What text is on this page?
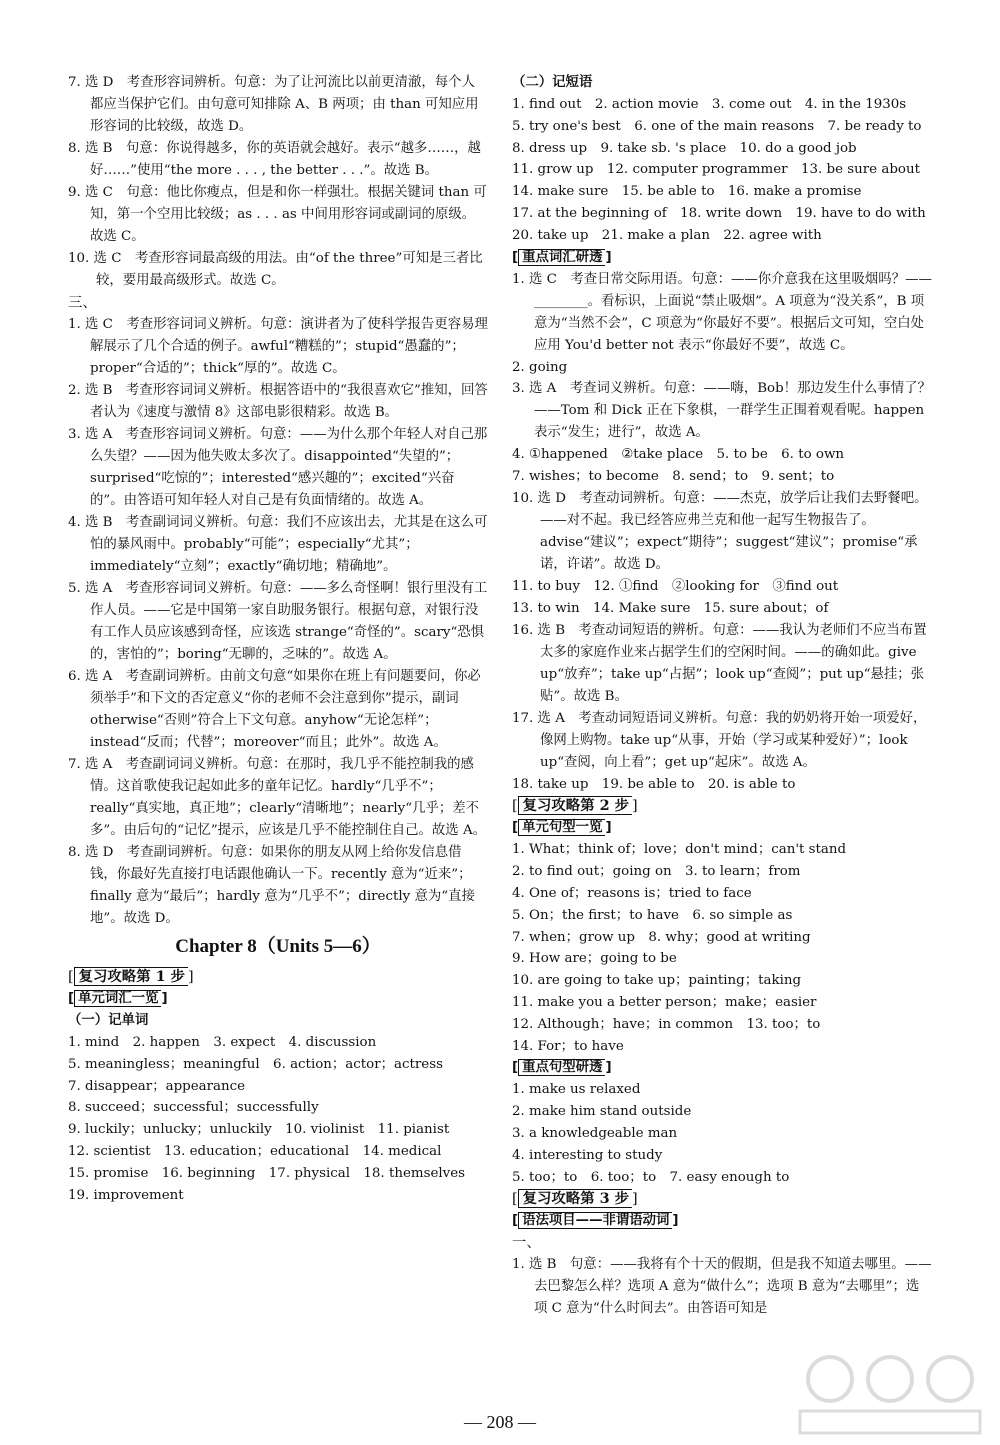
7. 选 D　考查形容词辨析。句意：为了让河流比以前更清澈，每个人都应当保护它们。由句意可知排除 A、B 两项；由 than 可知应用形容词的比较级，故选 D。
8. 选 B　句意：你说得越多，你的英语就会越好。表示“越多……，越好……”使用“the more . . . , the better . . .”。故选 B。
9. 选 C　句意：他比你瘦点，但是和你一样强壮。根据关键词 than 可知，第一个空用比较级；as . . . as 中间用形容词或副词的原级。故选 C。
10. 选 C　考查形容词最高级的用法。由“of the three”可知是三者比较，要用最高级形式。故选 C。
三、
1. 选 C　考查形容词词义辨析。句意：演讲者为了使科学报告更容易理解展示了几个合适的例子。awful“糟糕的”；stupid“愚蠢的”；proper“合适的”；thick“厚的”。故选 C。
2. 选 B　考查形容词词义辨析。根据答语中的“我很喜欢它”推知，回答者认为《速度与激情 8》这部电影很精彩。故选 B。
3. 选 A　考查形容词词义辨析。句意：——为什么那个年轻人对自己那么失望？——因为他失败太多次了。disappointed“失望的”；surprised“吃惊的”；interested“感兴趣的”；excited“兴奋的”。由答语可知年轻人对自己是有负面情绪的。故选 A。
4. 选 B　考查副词词义辨析。句意：我们不应该出去，尤其是在这么可怕的暴风雨中。probably“可能”；especially“尤其”；immediately“立刻”；exactly“确切地；精确地”。
5. 选 A　考查形容词词义辨析。句意：——多么奇怪啊！银行里没有工作人员。——它是中国第一家自助服务银行。根据句意，对银行没有工作人员应该感到奇怪，应该选 strange“奇怪的”。scary“恐惧的，害怕的”；boring“无聊的，乏味的”。故选 A。
6. 选 A　考查副词辨析。由前文句意“如果你在班上有问题要问，你必须举手”和下文的否定意义“你的老师不会注意到你”提示，副词 otherwise“否则”符合上下文句意。anyhow“无论怎样”；instead“反而；代替”；moreover“而且；此外”。故选 A。
7. 选 A　考查副词词义辨析。句意：在那时，我几乎不能控制我的感情。这首歌使我记起如此多的童年记忆。hardly“几乎不”；really“真实地，真正地”；clearly“清晰地”；nearly“几乎；差不多”。由后句的“记忆”提示，应该是几乎不能控制住自己。故选 A。
8. 选 D　考查副词辨析。句意：如果你的朋友从网上给你发信息借钱，你最好先直接打电话跟他确认一下。recently 意为“近来”；finally 意为“最后”；hardly 意为“几乎不”；directly 意为“直接地”。故选 D。
Chapter 8（Units 5—6）
[ 复习攻略第 1 步 ]
[ 单元词汇一览 ]
（一）记单词
1. mind　2. happen　3. expect　4. discussion
5. meaningless；meaningful　6. action；actor；actress
7. disappear；appearance
8. succeed；successful；successfully
9. luckily；unlucky；unluckily　10. violinist　11. pianist
12. scientist　13. education；educational　14. medical
15. promise　16. beginning　17. physical　18. themselves
19. improvement
（二）记短语
1. find out　2. action movie　3. come out　4. in the 1930s
5. try one's best　6. one of the main reasons　7. be ready to
8. dress up　9. take sb. 's place　10. do a good job
11. grow up　12. computer programmer　13. be sure about
14. make sure　15. be able to　16. make a promise
17. at the beginning of　18. write down　19. have to do with
20. take up　21. make a plan　22. agree with
[ 重点词汇研透 ]
1. 选 C　考查日常交际用语。句意：——你介意我在这里吸烟吗？——________。看标识，上面说“禁止吸烟”。A 项意为“没关系”，B 项意为“当然不会”，C 项意为“你最好不要”。根据后文可知，空白处应用 You'd better not 表示“你最好不要”，故选 C。
2. going
3. 选 A　考查词义辨析。句意：——嗨，Bob！那边发生什么事情了？——Tom 和 Dick 正在下象棋，一群学生正围着观看呢。happen 表示“发生；进行”，故选 A。
4. ①happened　②take place　5. to be　6. to own
7. wishes；to become　8. send；to　9. sent；to
10. 选 D　考查动词辨析。句意：——杰克，放学后让我们去野餐吧。——对不起。我已经答应弗兰克和他一起写生物报告了。advise“建议”；expect“期待”；suggest“建议”；promise“承诺，许诺”。故选 D。
11. to buy　12. ①find　②looking for　③find out
13. to win　14. Make sure　15. sure about；of
16. 选 B　考查动词短语的辨析。句意：——我认为老师们不应当布置太多的家庭作业来占据学生们的空闲时间。——的确如此。give up“放弃”；take up“占据”；look up“查阅”；put up“悬挂；张贴”。故选 B。
17. 选 A　考查动词短语词义辨析。句意：我的奶奶将开始一项爱好，像网上购物。take up“从事，开始（学习或某种爱好）”；look up“查阅，向上看”；get up“起床”。故选 A。
18. take up　19. be able to　20. is able to
[ 复习攻略第 2 步 ]
[ 单元句型一览 ]
1. What；think of；love；don't mind；can't stand
2. to find out；going on　3. to learn；from
4. One of；reasons is；tried to face
5. On；the first；to have　6. so simple as
7. when；grow up　8. why；good at writing
9. How are；going to be
10. are going to take up；painting；taking
11. make you a better person；make；easier
12. Although；have；in common　13. too；to
14. For；to have
[ 重点句型研透 ]
1. make us relaxed
2. make him stand outside
3. a knowledgeable man
4. interesting to study
5. too；to　6. too；to　7. easy enough to
[ 复习攻略第 3 步 ]
[ 语法项目——非谓语动词 ]
一、
1. 选 B　句意：——我将有个十天的假期，但是我不知道去哪里。——去巴黎怎么样？选项 A 意为“做什么”；选项 B 意为“去哪里”；选项 C 意为“什么时间去”。由答语可知是
— 208 —
